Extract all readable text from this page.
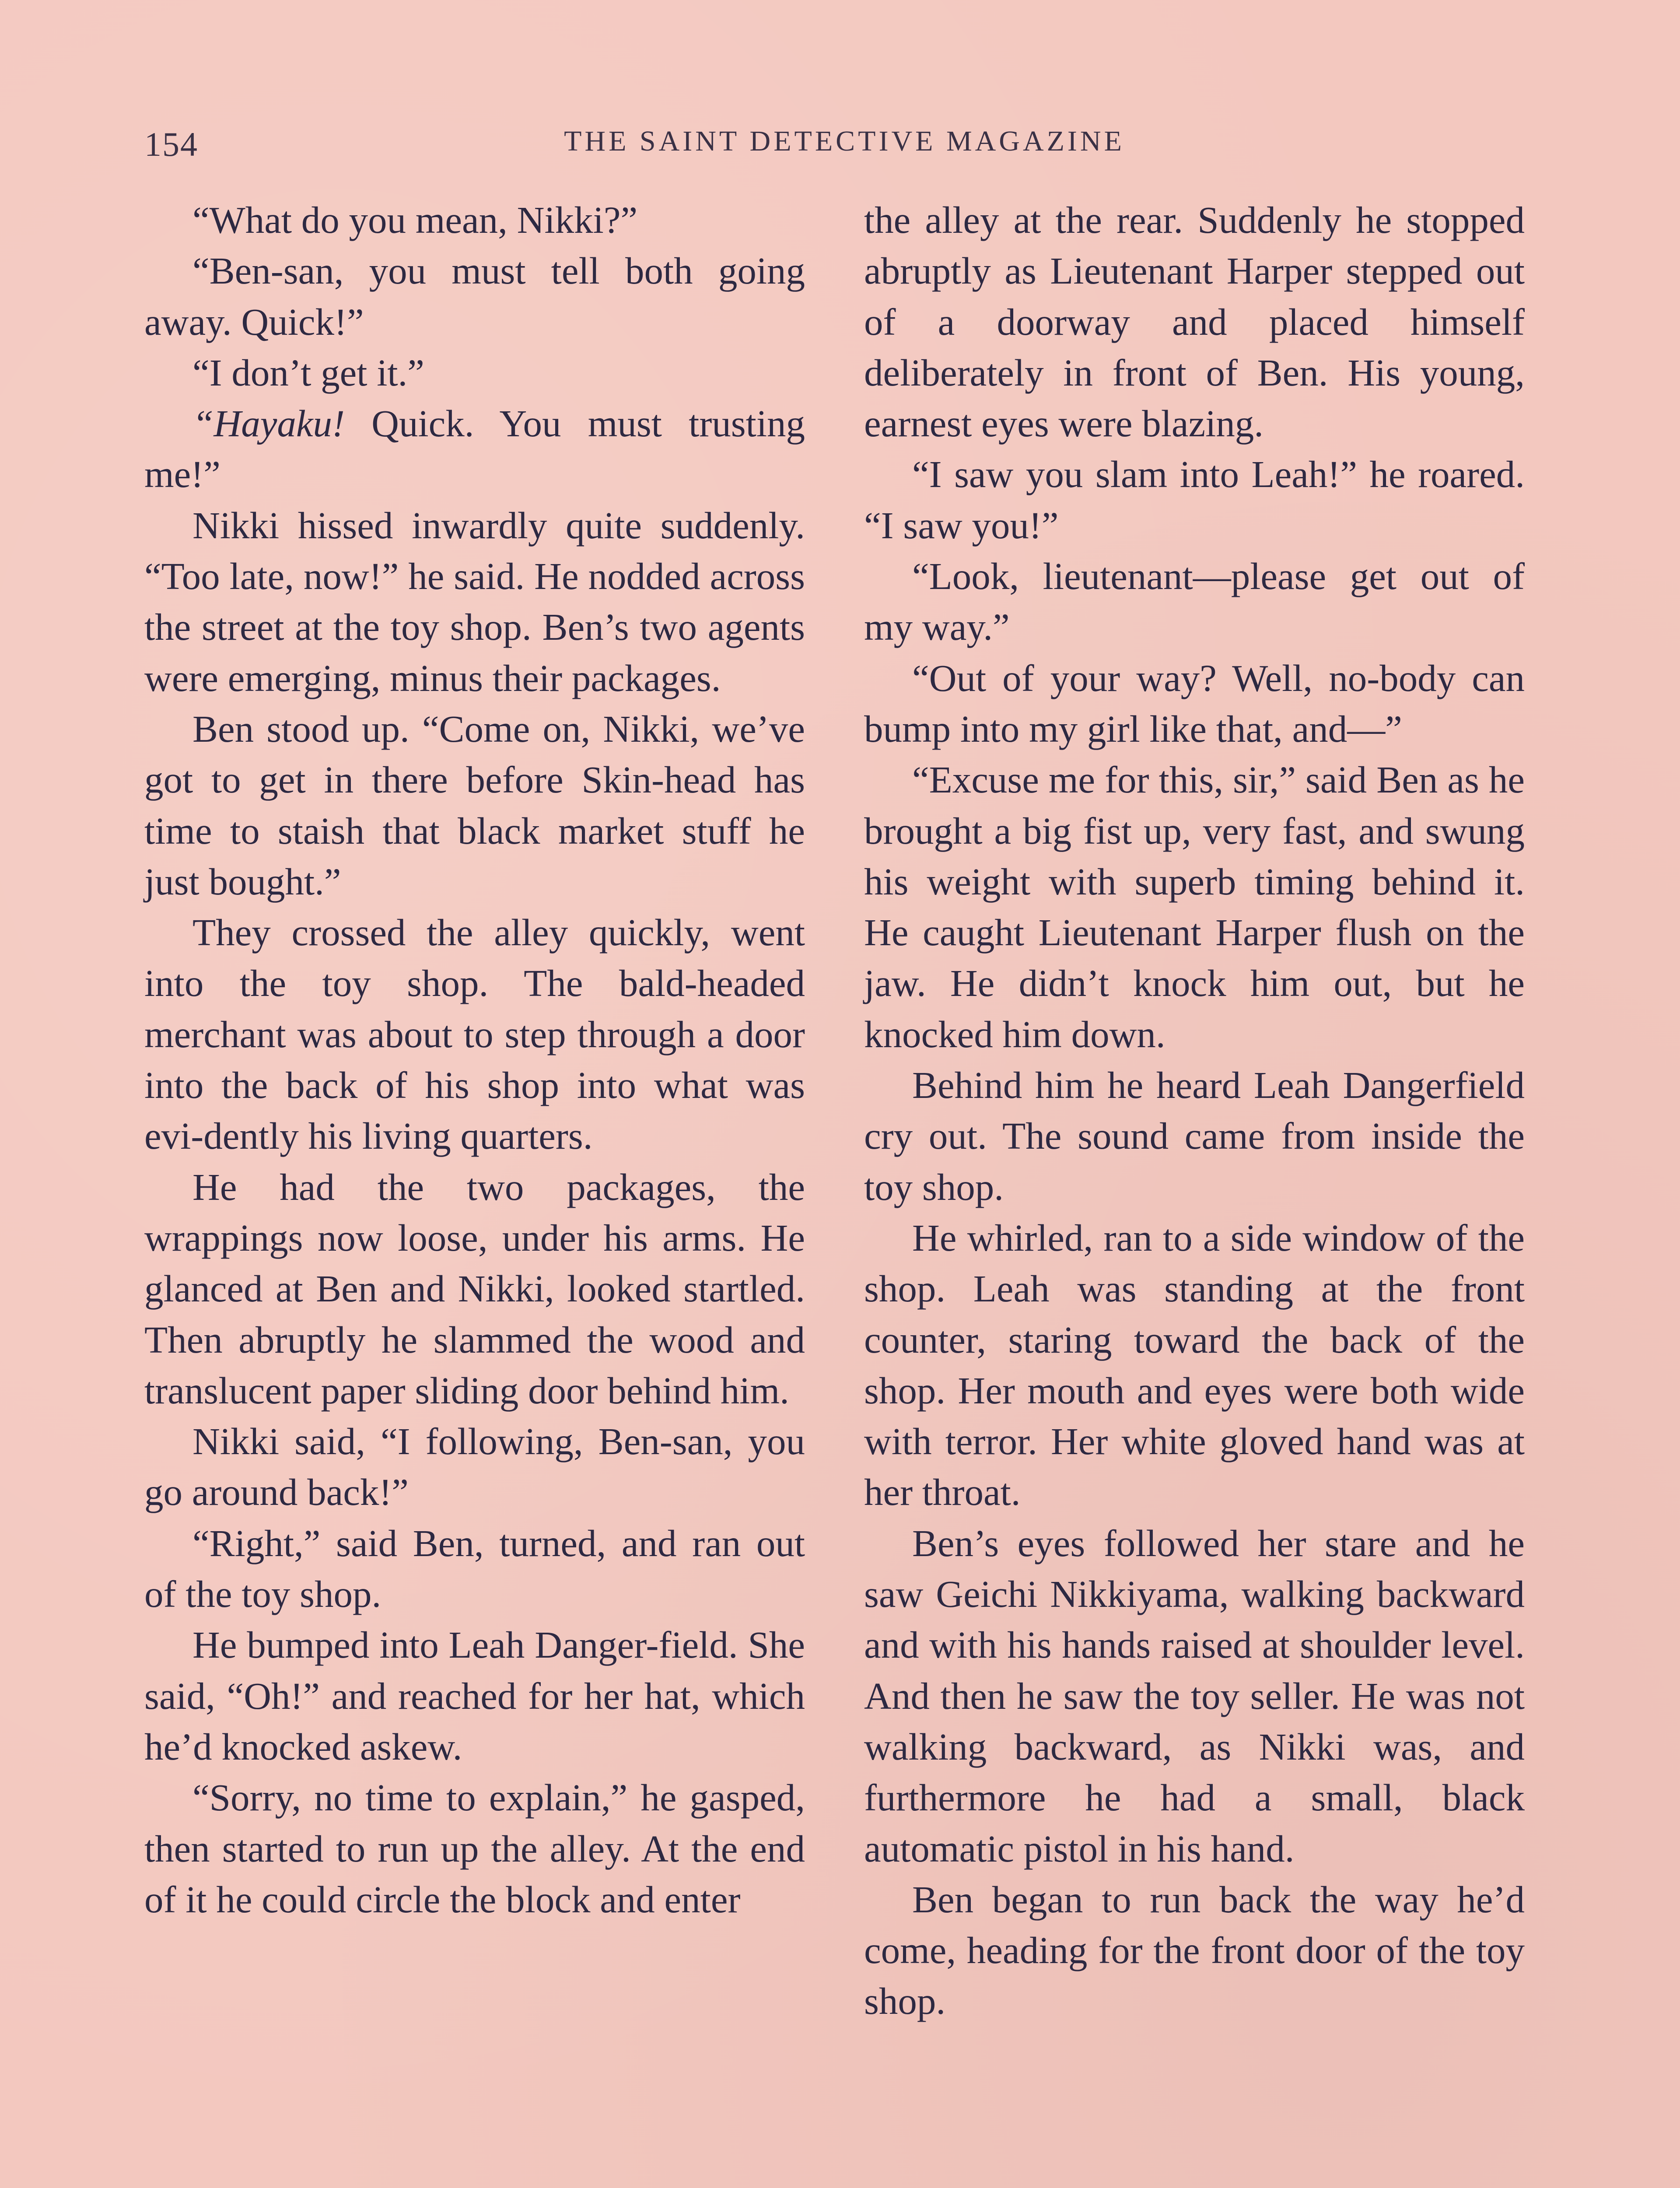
154	THE SAINT DETECTIVE MAGAZINE

“What do you mean, Nikki?”

“Ben-san, you must tell both going away. Quick!”

“I don’t get it.”

“Hayaku! Quick. You must trusting me!”

Nikki hissed inwardly quite suddenly. “Too late, now!” he said. He nodded across the street at the toy shop. Ben’s two agents were emerging, minus their packages.

Ben stood up. “Come on, Nikki, we’ve got to get in there before Skin-head has time to staish that black market stuff he just bought.”

They crossed the alley quickly, went into the toy shop. The bald-headed merchant was about to step through a door into the back of his shop into what was evi-dently his living quarters.

He had the two packages, the wrappings now loose, under his arms. He glanced at Ben and Nikki, looked startled. Then abruptly he slammed the wood and translucent paper sliding door behind him.

Nikki said, “I following, Ben-san, you go around back!”

“Right,” said Ben, turned, and ran out of the toy shop.

He bumped into Leah Danger-field. She said, “Oh!” and reached for her hat, which he’d knocked askew.

“Sorry, no time to explain,” he gasped, then started to run up the alley. At the end of it he could circle the block and enter

the alley at the rear. Suddenly he stopped abruptly as Lieutenant Harper stepped out of a doorway and placed himself deliberately in front of Ben. His young, earnest eyes were blazing.

“I saw you slam into Leah!” he roared. “I saw you!”

“Look, lieutenant—please get out of my way.”

“Out of your way? Well, no-body can bump into my girl like that, and—”

“Excuse me for this, sir,” said Ben as he brought a big fist up, very fast, and swung his weight with superb timing behind it. He caught Lieutenant Harper flush on the jaw. He didn’t knock him out, but he knocked him down.

Behind him he heard Leah Dangerfield cry out. The sound came from inside the toy shop.

He whirled, ran to a side window of the shop. Leah was standing at the front counter, staring toward the back of the shop. Her mouth and eyes were both wide with terror. Her white gloved hand was at her throat.

Ben’s eyes followed her stare and he saw Geichi Nikkiyama, walking backward and with his hands raised at shoulder level. And then he saw the toy seller. He was not walking backward, as Nikki was, and furthermore he had a small, black automatic pistol in his hand.

Ben began to run back the way he’d come, heading for the front door of the toy shop.
